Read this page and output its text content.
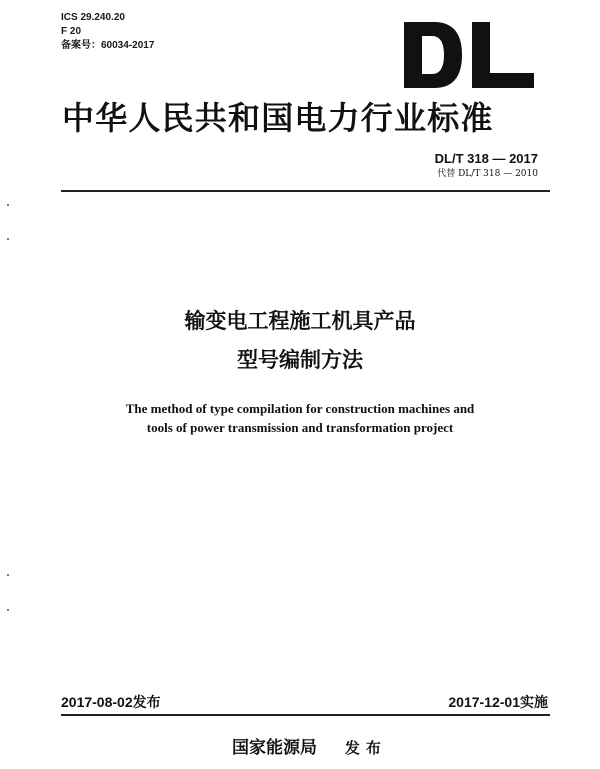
ICS 29.240.20
F 20
备案号：60034-2017
中华人民共和国电力行业标准
DL/T 318 — 2017
代替 DL/T 318 — 2010
输变电工程施工机具产品
型号编制方法
The method of type compilation for construction machines and
tools of power transmission and transformation project
2017-08-02发布	2017-12-01实施
国家能源局 发布
